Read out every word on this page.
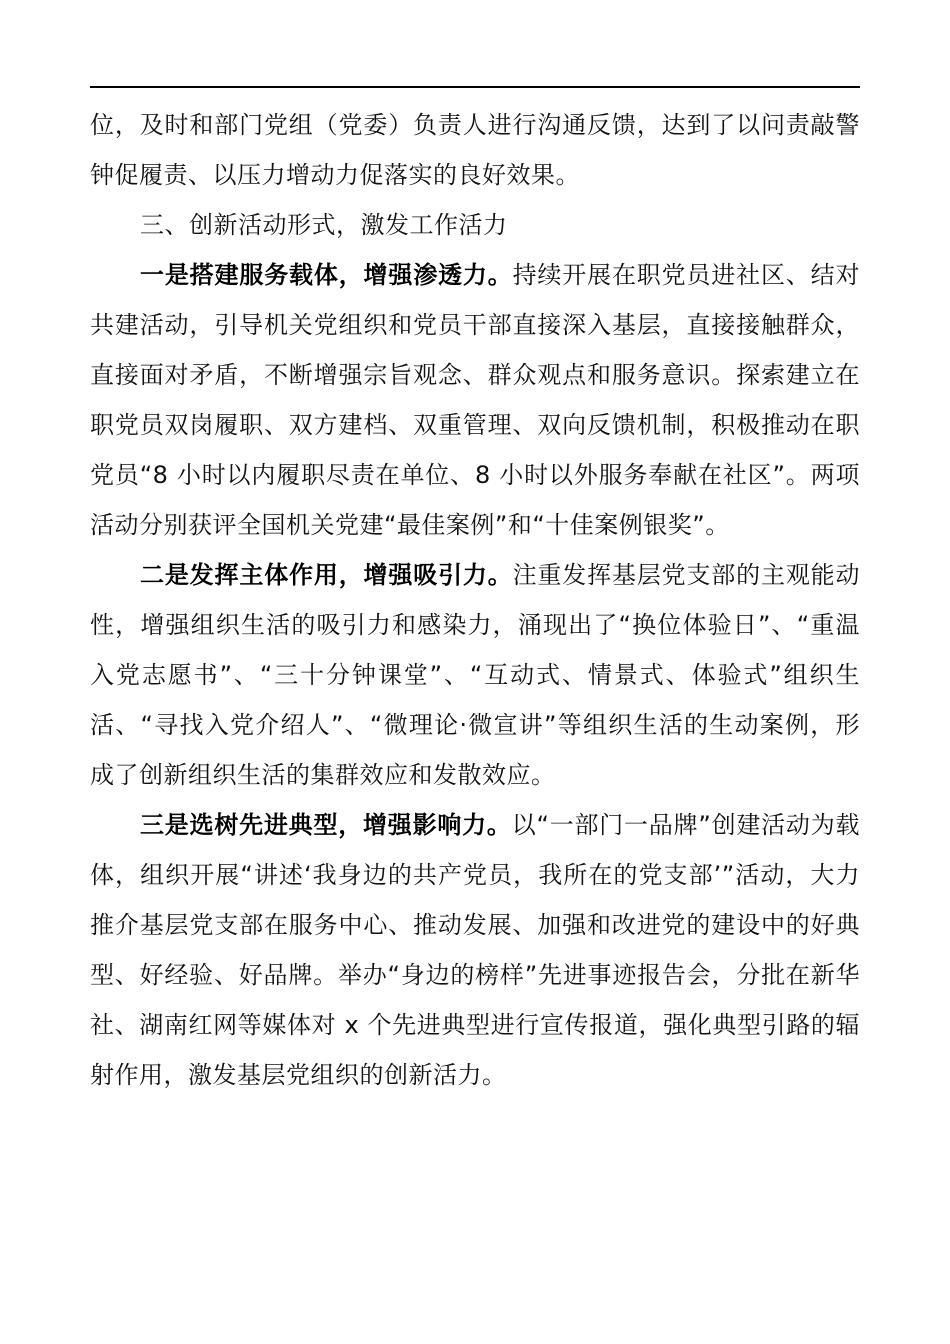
位，及时和部门党组（党委）负责人进行沟通反馈，达到了以问责敲警钟促履责、以压力增动力促落实的良好效果。

三、创新活动形式，激发工作活力

一是搭建服务载体，增强渗透力。持续开展在职党员进社区、结对共建活动，引导机关党组织和党员干部直接深入基层，直接接触群众，直接面对矛盾，不断增强宗旨观念、群众观点和服务意识。探索建立在职党员双岗履职、双方建档、双重管理、双向反馈机制，积极推动在职党员“8 小时以内履职尽责在单位、8 小时以外服务奉献在社区”。两项活动分别获评全国机关党建“最佳案例”和“十佳案例银奖”。

二是发挥主体作用，增强吸引力。注重发挥基层党支部的主观能动性，增强组织生活的吸引力和感染力，涌现出了“换位体验日”、“重温入党志愿书”、“三十分钟课堂”、“互动式、情景式、体验式”组织生活、“寻找入党介绍人”、“微理论·微宣讲”等组织生活的生动案例，形成了创新组织生活的集群效应和发散效应。

三是选树先进典型，增强影响力。以“一部门一品牌”创建活动为载体，组织开展“讲述‘我身边的共产党员，我所在的党支部’”活动，大力推介基层党支部在服务中心、推动发展、加强和改进党的建设中的好典型、好经验、好品牌。举办“身边的榜样”先进事迹报告会，分批在新华社、湖南红网等媒体对 x 个先进典型进行宣传报道，强化典型引路的辐射作用，激发基层党组织的创新活力。
